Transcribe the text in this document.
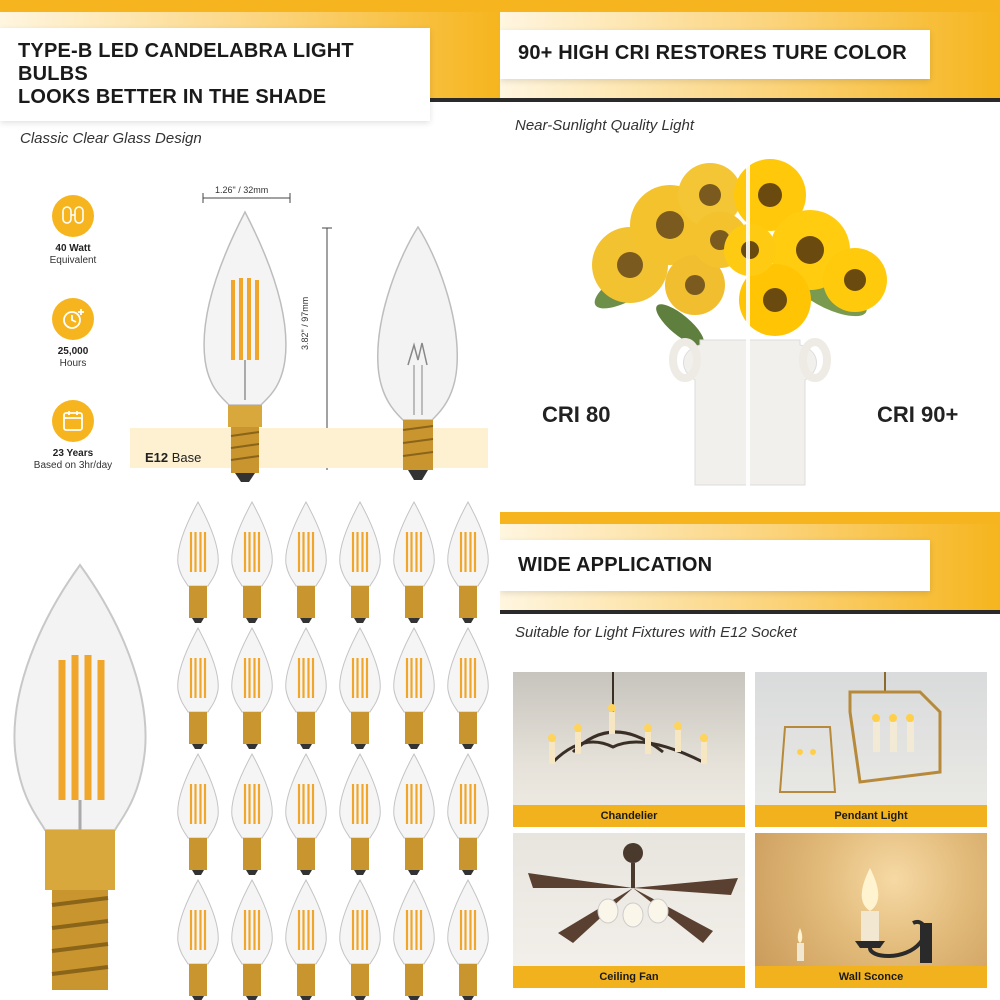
TYPE-B LED CANDELABRA LIGHT BULBS
LOOKS BETTER IN THE SHADE
Classic Clear Glass Design
40 Watt
Equivalent
25,000
Hours
23 Years
Based on 3hr/day
1.26" / 32mm
3.82" / 97mm
E12 Base
90+ HIGH CRI RESTORES TURE COLOR
Near-Sunlight Quality Light
CRI 80	CRI 90+
WIDE APPLICATION
Suitable for Light Fixtures with E12 Socket
Chandelier	Pendant Light
Ceiling Fan	Wall Sconce
